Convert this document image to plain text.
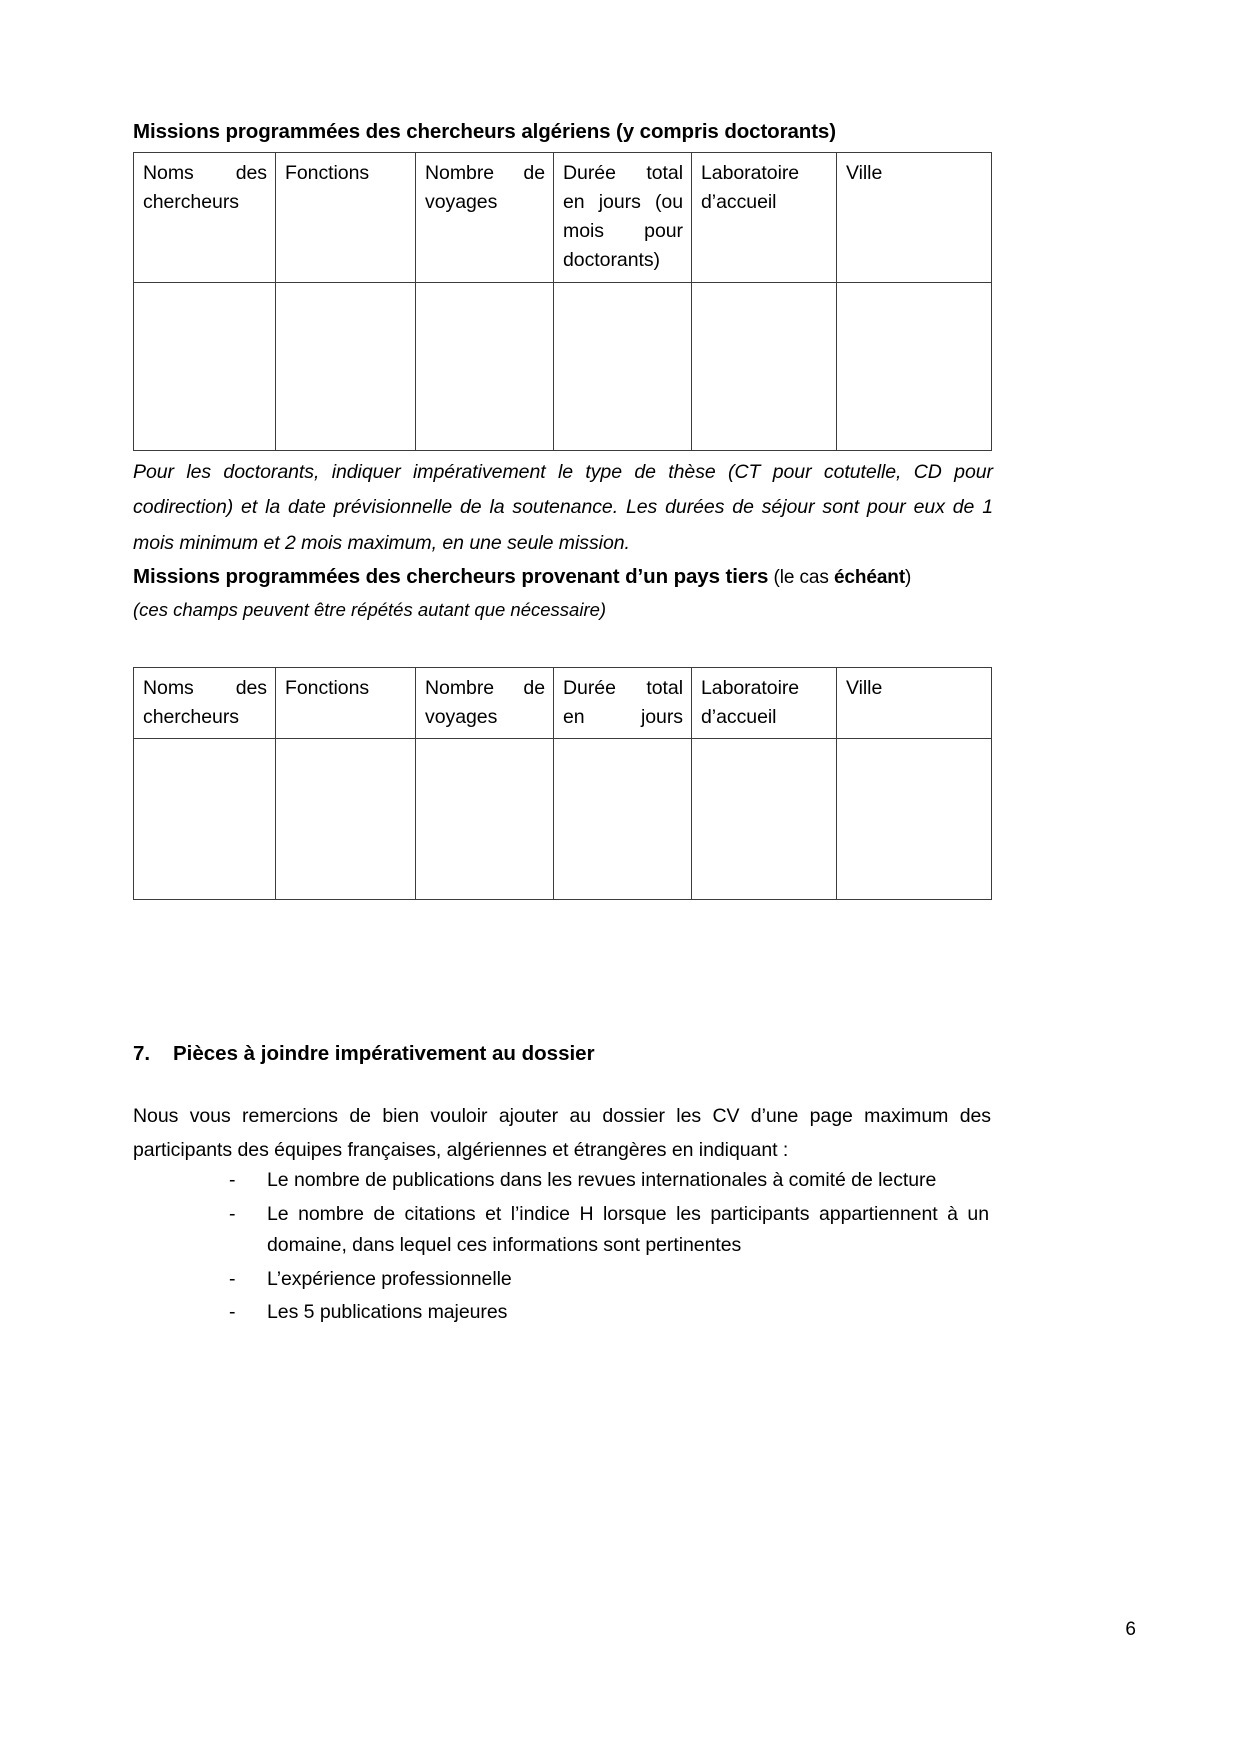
Missions programmées des chercheurs algériens (y compris doctorants)
Noms des chercheurs	Fonctions	Nombre de voyages	Durée total en jours (ou mois pour doctorants)	Laboratoire d’accueil	Ville

Pour les doctorants, indiquer impérativement le type de thèse (CT pour cotutelle, CD pour codirection) et la date prévisionnelle de la soutenance. Les durées de séjour sont pour eux de 1 mois minimum et 2 mois maximum, en une seule mission.

Missions programmées des chercheurs provenant d’un pays tiers (le cas échéant)

(ces champs peuvent être répétés autant que nécessaire)

Noms des chercheurs	Fonctions	Nombre de voyages	Durée total en jours	Laboratoire d’accueil	Ville

7.	Pièces à joindre impérativement au dossier

Nous vous remercions de bien vouloir ajouter au dossier les CV d’une page maximum des participants des équipes françaises, algériennes et étrangères en indiquant :

-	Le nombre de publications dans les revues internationales à comité de lecture
-	Le nombre de citations et l’indice H lorsque les participants appartiennent à un domaine, dans lequel ces informations sont pertinentes
-	L’expérience professionnelle
-	Les 5 publications majeures
6
